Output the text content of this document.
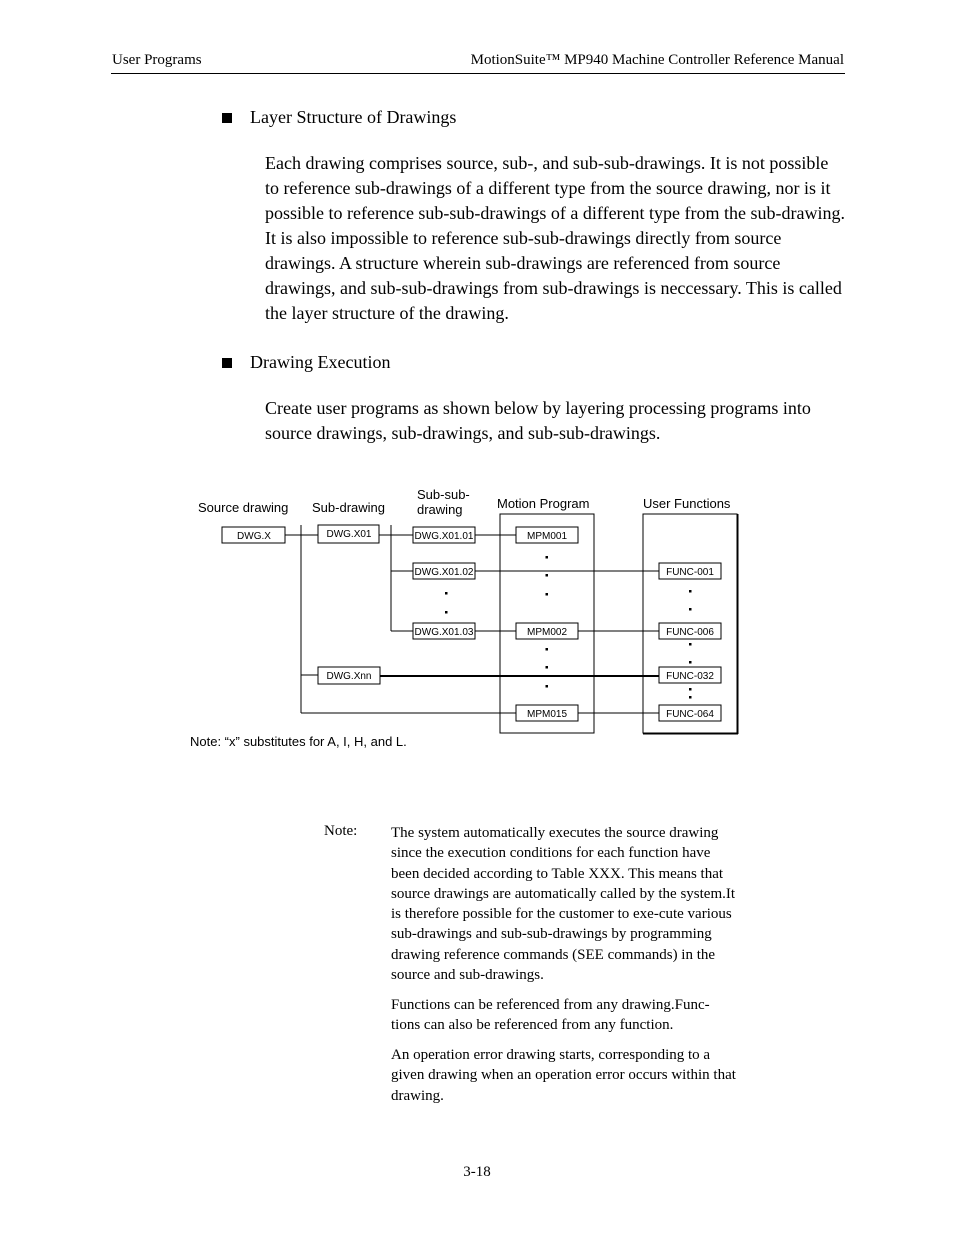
User Programs	MotionSuite™ MP940 Machine Controller Reference Manual
Layer Structure of Drawings
Each drawing comprises source, sub-, and sub-sub-drawings. It is not possible to reference sub-drawings of a different type from the source drawing, nor is it possible to reference sub-sub-drawings of a different type from the sub-drawing. It is also impossible to reference sub-sub-drawings directly from source drawings. A structure wherein sub-drawings are referenced from source drawings, and sub-sub-drawings from sub-drawings is neccessary. This is called the layer structure of the drawing.
Drawing Execution
Create user programs as shown below by layering processing programs into source drawings, sub-drawings, and sub-sub-drawings.
Source drawing Sub-drawing
Sub-sub-
drawing	Motion Program	User Functions
DWG.X	DWG.X01
DWG.Xnn
DWG.X01.01
DWG.X01.02
DWG.X01.03
MPM001
MPM002
MPM015
FUNC-001
FUNC-006
FUNC-032
FUNC-064
Note: “x” substitutes for A, I, H, and L.
Note: The system automatically executes the source drawing since the execution conditions for each function have been decided according to Table XXX. This means that source drawings are automatically called by the system.It is therefore possible for the customer to exe-cute various sub-drawings and sub-sub-drawings by programming drawing reference commands (SEE commands) in the source and sub-drawings.
Functions can be referenced from any drawing.Func-tions can also be referenced from any function.
An operation error drawing starts, corresponding to a given drawing when an operation error occurs within that drawing.
3-18
